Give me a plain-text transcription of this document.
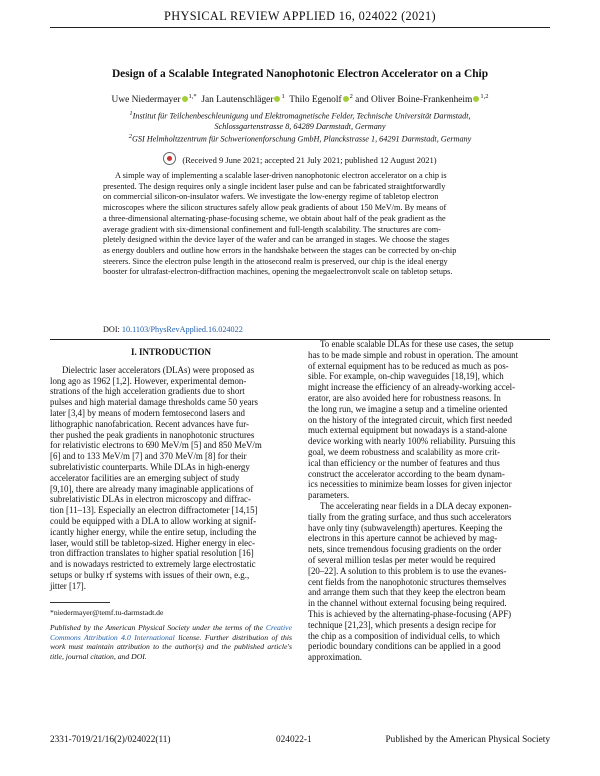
PHYSICAL REVIEW APPLIED 16, 024022 (2021)
Design of a Scalable Integrated Nanophotonic Electron Accelerator on a Chip
Uwe Niedermayer $^{1,*}$ Jan Lautenschläger $^1$ Thilo Egenolf $^2$ and Oliver Boine-Frankenheim $^{1,2}$
$^1$Institut für Teilchenbeschleunigung und Elektromagnetische Felder, Technische Universität Darmstadt,
Schlossgartenstrasse 8, 64289 Darmstadt, Germany
$^2$GSI Helmholtzzentrum für Schwerionenforschung GmbH, Planckstrasse 1, 64291 Darmstadt, Germany
(Received 9 June 2021; accepted 21 July 2021; published 12 August 2021)
A simple way of implementing a scalable laser-driven nanophotonic electron accelerator on a chip is
presented. The design requires only a single incident laser pulse and can be fabricated straightforwardly
on commercial silicon-on-insulator wafers. We investigate the low-energy regime of tabletop electron
microscopes where the silicon structures safely allow peak gradients of about 150 MeV/m. By means of
a three-dimensional alternating-phase-focusing scheme, we obtain about half of the peak gradient as the
average gradient with six-dimensional confinement and full-length scalability. The structures are com-
pletely designed within the device layer of the wafer and can be arranged in stages. We choose the stages
as energy doublers and outline how errors in the handshake between the stages can be corrected by on-chip
steerers. Since the electron pulse length in the attosecond realm is preserved, our chip is the ideal energy
booster for ultrafast-electron-diffraction machines, opening the megaelectronvolt scale on tabletop setups.
DOI: 10.1103/PhysRevApplied.16.024022

I. INTRODUCTION

Dielectric laser accelerators (DLAs) were proposed as
long ago as 1962 [1,2]. However, experimental demon-
strations of the high acceleration gradients due to short
pulses and high material damage thresholds came 50 years
later [3,4] by means of modern femtosecond lasers and
lithographic nanofabrication. Recent advances have fur-
ther pushed the peak gradients in nanophotonic structures
for relativistic electrons to 690 MeV/m [5] and 850 MeV/m
[6] and to 133 MeV/m [7] and 370 MeV/m [8] for their
subrelativistic counterparts. While DLAs in high-energy
accelerator facilities are an emerging subject of study
[9,10], there are already many imaginable applications of
subrelativistic DLAs in electron microscopy and diffrac-
tion [11–13]. Especially an electron diffractometer [14,15]
could be equipped with a DLA to allow working at signif-
icantly higher energy, while the entire setup, including the
laser, would still be tabletop-sized. Higher energy in elec-
tron diffraction translates to higher spatial resolution [16]
and is nowadays restricted to extremely large electrostatic
setups or bulky rf systems with issues of their own, e.g.,
jitter [17].

*niedermayer@temf.tu-darmstadt.de

Published by the American Physical Society under the terms of the Creative Commons Attribution 4.0 International license. Further distribution of this work must maintain attribution to the author(s) and the published article's title, journal citation, and DOI.

To enable scalable DLAs for these use cases, the setup
has to be made simple and robust in operation. The amount
of external equipment has to be reduced as much as pos-
sible. For example, on-chip waveguides [18,19], which
might increase the efficiency of an already-working accel-
erator, are also avoided here for robustness reasons. In
the long run, we imagine a setup and a timeline oriented
on the history of the integrated circuit, which first needed
much external equipment but nowadays is a stand-alone
device working with nearly 100% reliability. Pursuing this
goal, we deem robustness and scalability as more crit-
ical than efficiency or the number of features and thus
construct the accelerator according to the beam dynam-
ics necessities to minimize beam losses for given injector
parameters.

The accelerating near fields in a DLA decay exponen-
tially from the grating surface, and thus such accelerators
have only tiny (subwavelength) apertures. Keeping the
electrons in this aperture cannot be achieved by mag-
nets, since tremendous focusing gradients on the order
of several million teslas per meter would be required
[20–22]. A solution to this problem is to use the evanes-
cent fields from the nanophotonic structures themselves
and arrange them such that they keep the electron beam
in the channel without external focusing being required.
This is achieved by the alternating-phase-focusing (APF)
technique [21,23], which presents a design recipe for
the chip as a composition of individual cells, to which
periodic boundary conditions can be applied in a good
approximation.

2331-7019/21/16(2)/024022(11)	024022-1	Published by the American Physical Society
